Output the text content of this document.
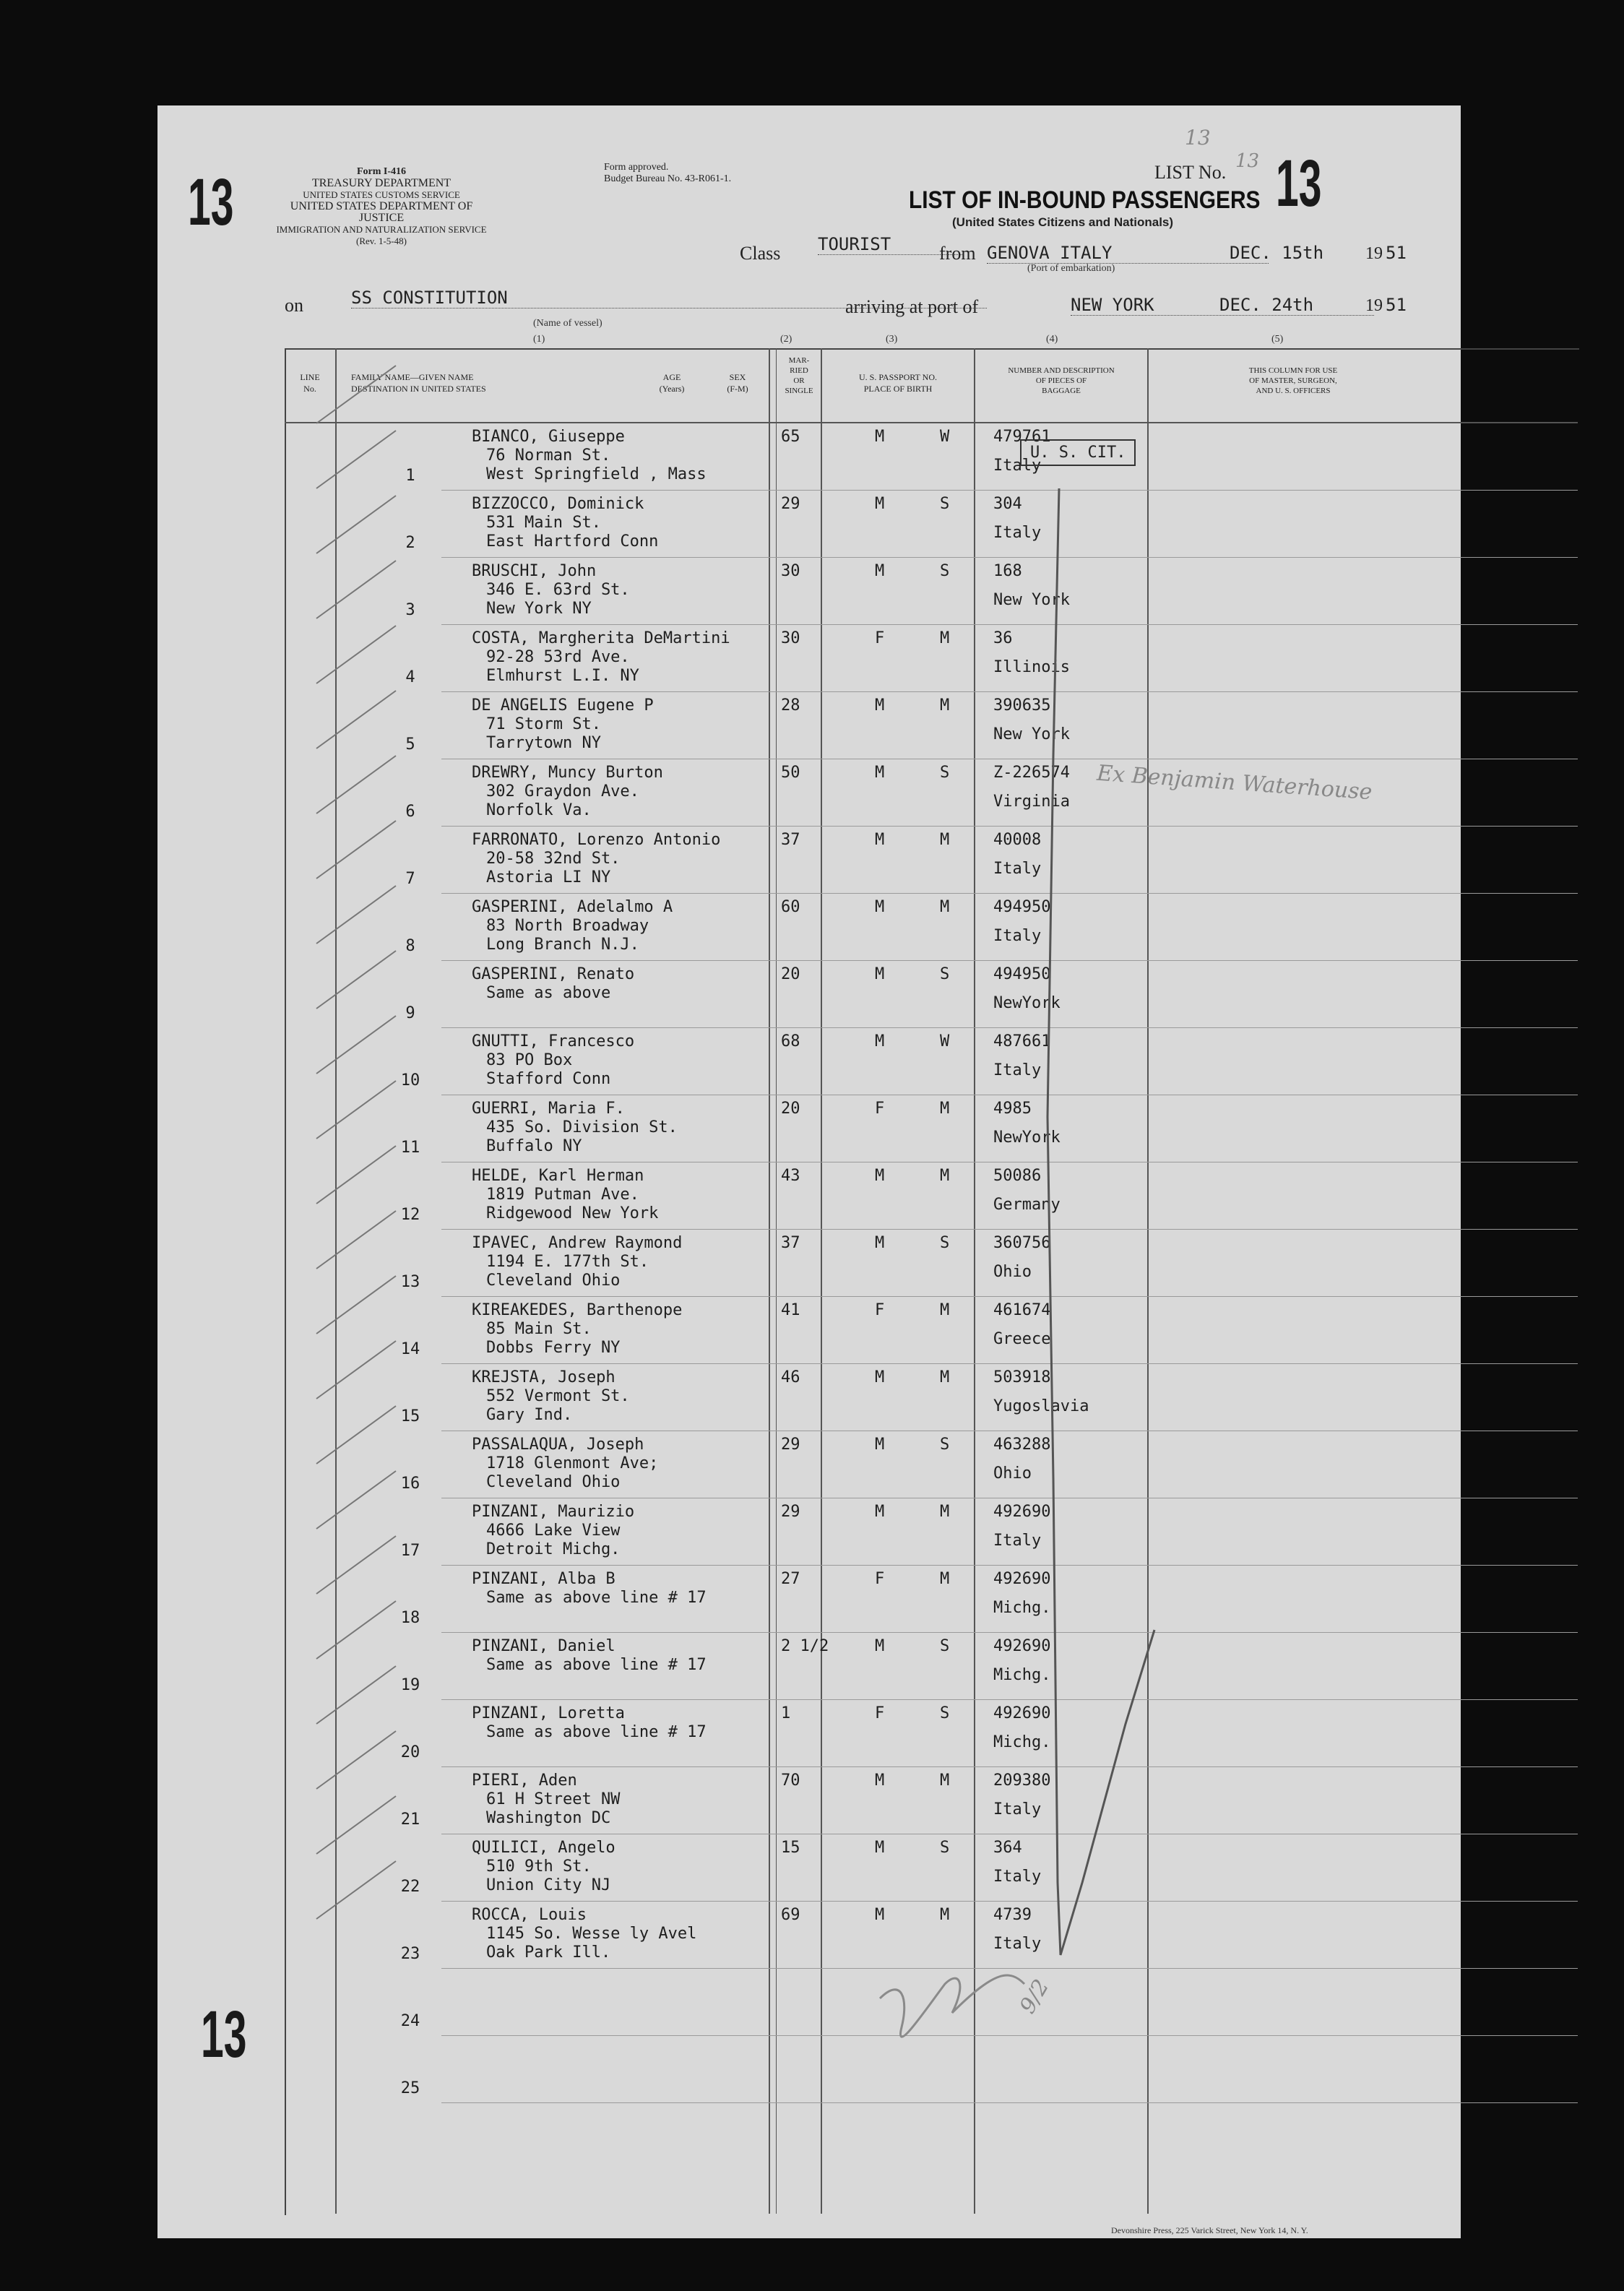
13	13
13
Form I-416
TREASURY DEPARTMENT
UNITED STATES CUSTOMS SERVICE
UNITED STATES DEPARTMENT OF JUSTICE
IMMIGRATION AND NATURALIZATION SERVICE
(Rev. 1-5-48)
Form approved.
Budget Bureau No. 43-R061-1.	LIST No.
13
13
LIST OF IN-BOUND PASSENGERS
(United States Citizens and Nationals)
Class TOURIST	from GENOVA ITALY
(Port of embarkation)
DEC. 15th 19 51
on	SS CONSTITUTION
(Name of vessel)
arriving at port of	NEW YORK	DEC. 24th	19 51
(1)	(2)	(3)	(4)	(5)
LINE
No.
FAMILY NAME—GIVEN NAME
DESTINATION IN UNITED STATES
AGE
(Years)
SEX
(F-M)
MAR-
RIED
OR
SINGLE
U. S. PASSPORT NO.
PLACE OF BIRTH
NUMBER AND DESCRIPTION
OF PIECES OF
BAGGAGE
THIS COLUMN FOR USE
OF MASTER, SURGEON,
AND U. S. OFFICERS
1
BIANCO, Giuseppe
76 Norman St.
West Springfield , Mass
65	M	W	479761
Italy
2
BIZZOCCO, Dominick
531 Main St.
East Hartford Conn
29	M	S	304
Italy
3
BRUSCHI, John
346 E. 63rd St.
New York NY
30	M	S	168
New York
4
COSTA, Margherita DeMartini
92-28 53rd Ave.
Elmhurst L.I. NY
30	F	M	36
Illinois
5
DE ANGELIS Eugene P
71 Storm St.
Tarrytown NY
28	M	M	390635
New York
6
DREWRY, Muncy Burton
302 Graydon Ave.
Norfolk Va.
50	M	S	Z-226574
Virginia
7
FARRONATO, Lorenzo Antonio
20-58 32nd St.
Astoria LI NY
37	M	M	40008
Italy
8
GASPERINI, Adelalmo A
83 North Broadway
Long Branch N.J.
60	M	M	494950
Italy
9
GASPERINI, Renato
Same as above
20	M	S	494950
NewYork
10
GNUTTI, Francesco
83 PO Box
Stafford Conn
68	M	W	487661
Italy
11
GUERRI, Maria F.
435 So. Division St.
Buffalo NY
20	F	M	4985
NewYork
12
HELDE, Karl Herman
1819 Putman Ave.
Ridgewood New York
43	M	M	50086
Germany
13
IPAVEC, Andrew Raymond
1194 E. 177th St.
Cleveland Ohio
37	M	S	360756
Ohio
14
KIREAKEDES, Barthenope
85 Main St.
Dobbs Ferry NY
41	F	M	461674
Greece
15
KREJSTA, Joseph
552 Vermont St.
Gary Ind.
46	M	M	503918
Yugoslavia
16
PASSALAQUA, Joseph
1718 Glenmont Ave;
Cleveland Ohio
29	M	S	463288
Ohio
17
PINZANI, Maurizio
4666 Lake View
Detroit Michg.
29	M	M	492690
Italy
18
PINZANI, Alba B
Same as above line # 17
27	F	M	492690
Michg.
19
PINZANI, Daniel
Same as above line # 17
2 1/2	M	S	492690
Michg.
20
PINZANI, Loretta
Same as above line # 17
1	F	S	492690
Michg.
21
PIERI, Aden
61 H Street NW
Washington DC
70	M	M	209380
Italy
22
QUILICI, Angelo
510 9th St.
Union City NJ
15	M	S	364
Italy
23
ROCCA, Louis
1145 So. Wesse ly Avel
Oak Park Ill.
69	M	M	4739
Italy
24
25
U. S. CIT.
Ex Benjamin Waterhouse
9/2
Devonshire Press, 225 Varick Street, New York 14, N. Y.
